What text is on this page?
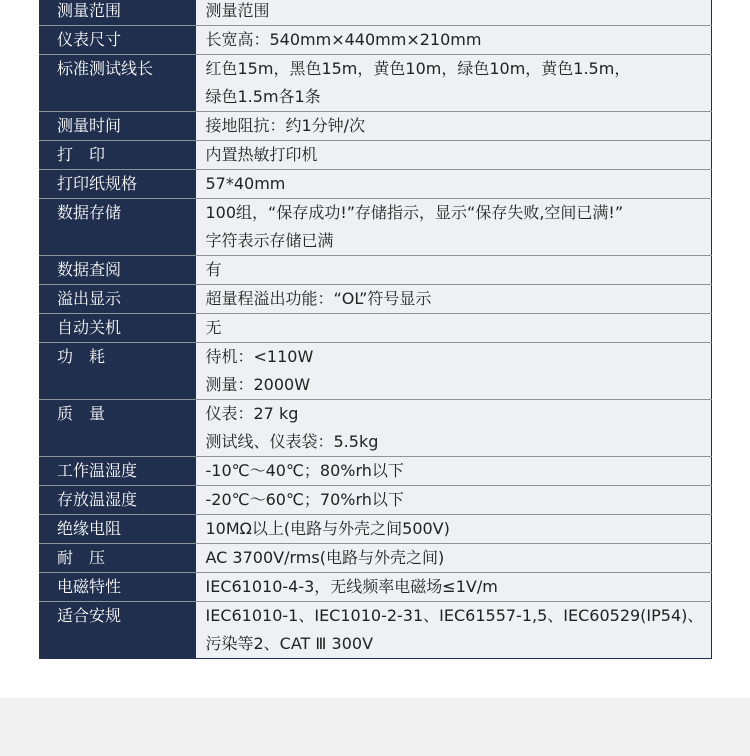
测量范围	测量范围

仪表尺寸	长宽高：540mm×440mm×210mm

标准测试线长	红色15m，黑色15m，黄色10m，绿色10m，黄色1.5m，
绿色1.5m各1条

测量时间	接地阻抗：约1分钟/次

打　印	内置热敏打印机

打印纸规格	57*40mm

数据存储	100组，“保存成功!”存储指示，显示“保存失败,空间已满!”
字符表示存储已满

数据查阅	有

溢出显示	超量程溢出功能：“OL”符号显示

自动关机	无

功　耗	待机：<110W
测量：2000W

质　量	仪表：27 kg
测试线、仪表袋：5.5kg

工作温湿度	-10℃～40℃；80%rh以下

存放温湿度	-20℃～60℃；70%rh以下

绝缘电阻	10MΩ以上(电路与外壳之间500V)

耐　压	AC 3700V/rms(电路与外壳之间)

电磁特性	IEC61010-4-3，无线频率电磁场≤1V/m

适合安规	IEC61010-1、IEC1010-2-31、IEC61557-1,5、IEC60529(IP54)、
污染等2、CAT Ⅲ 300V
